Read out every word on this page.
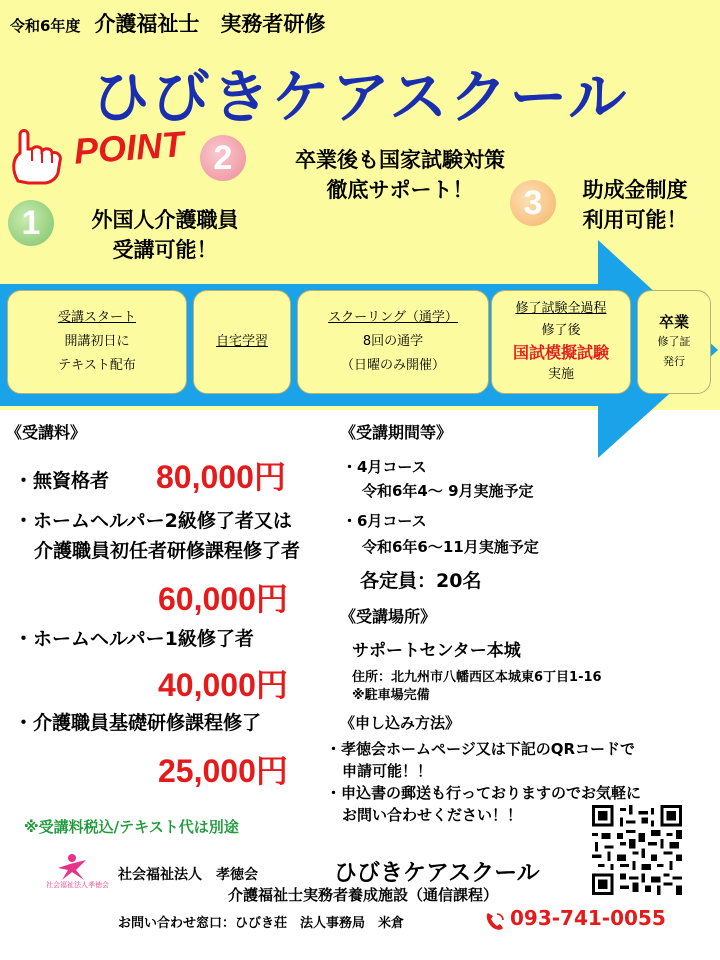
令和6年度 介護福祉士　実務者研修
ひびきケアスクール
POINT
1
2
3
外国人介護職員
受講可能！
卒業後も国家試験対策
徹底サポート！	助成金制度
利用可能！
受講スタート
開講初日に
テキスト配布
自宅学習
スクーリング（通学）
8回の通学
（日曜のみ開催）
修了試験全過程
修了後
国試模擬試験
実施
卒業
修了証
発行
《受講料》
・無資格者 80,000円
・ホームヘルパー2級修了者又は
介護職員初任者研修課程修了者
60,000円
・ホームヘルパー1級修了者
40,000円
・介護職員基礎研修課程修了
25,000円
※受講料税込/テキスト代は別途
《受講期間等》
・4月コース
令和6年4～ 9月実施予定
・6月コース
令和6年6～11月実施予定
各定員：20名
《受講場所》
サポートセンター本城
住所：北九州市八幡西区本城東6丁目1-16
※駐車場完備
《申し込み方法》
・孝徳会ホームページ又は下記のQRコードで
申請可能！！
・申込書の郵送も行っておりますのでお気軽に
お問い合わせください！！
社会福祉法人孝徳会
社会福祉法人　孝徳会	ひびきケアスクール
介護福祉士実務者養成施設（通信課程）
お問い合わせ窓口：ひびき荘　法人事務局　米倉	093-741-0055
